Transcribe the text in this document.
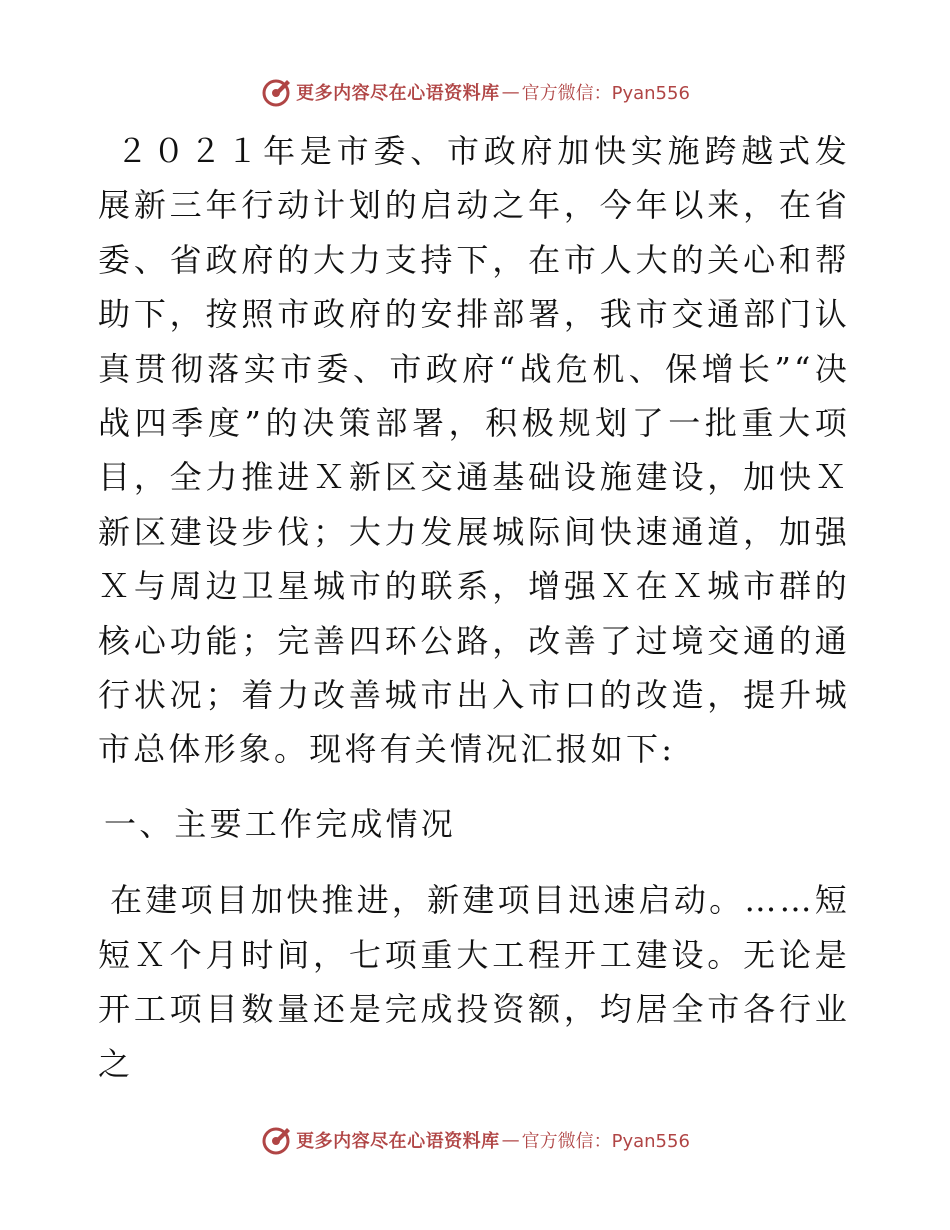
更多内容尽在心语资料库 — 官方微信：Pyan556

２０２１年是市委、市政府加快实施跨越式发展新三年行动计划的启动之年，今年以来，在省委、省政府的大力支持下，在市人大的关心和帮助下，按照市政府的安排部署，我市交通部门认真贯彻落实市委、市政府“战危机、保增长”“决战四季度”的决策部署，积极规划了一批重大项目，全力推进Ｘ新区交通基础设施建设，加快Ｘ新区建设步伐；大力发展城际间快速通道，加强Ｘ与周边卫星城市的联系，增强Ｘ在Ｘ城市群的核心功能；完善四环公路，改善了过境交通的通行状况；着力改善城市出入市口的改造，提升城市总体形象。现将有关情况汇报如下:

一、主要工作完成情况

在建项目加快推进，新建项目迅速启动。……短短Ｘ个月时间，七项重大工程开工建设。无论是开工项目数量还是完成投资额，均居全市各行业之

更多内容尽在心语资料库 — 官方微信：Pyan556
